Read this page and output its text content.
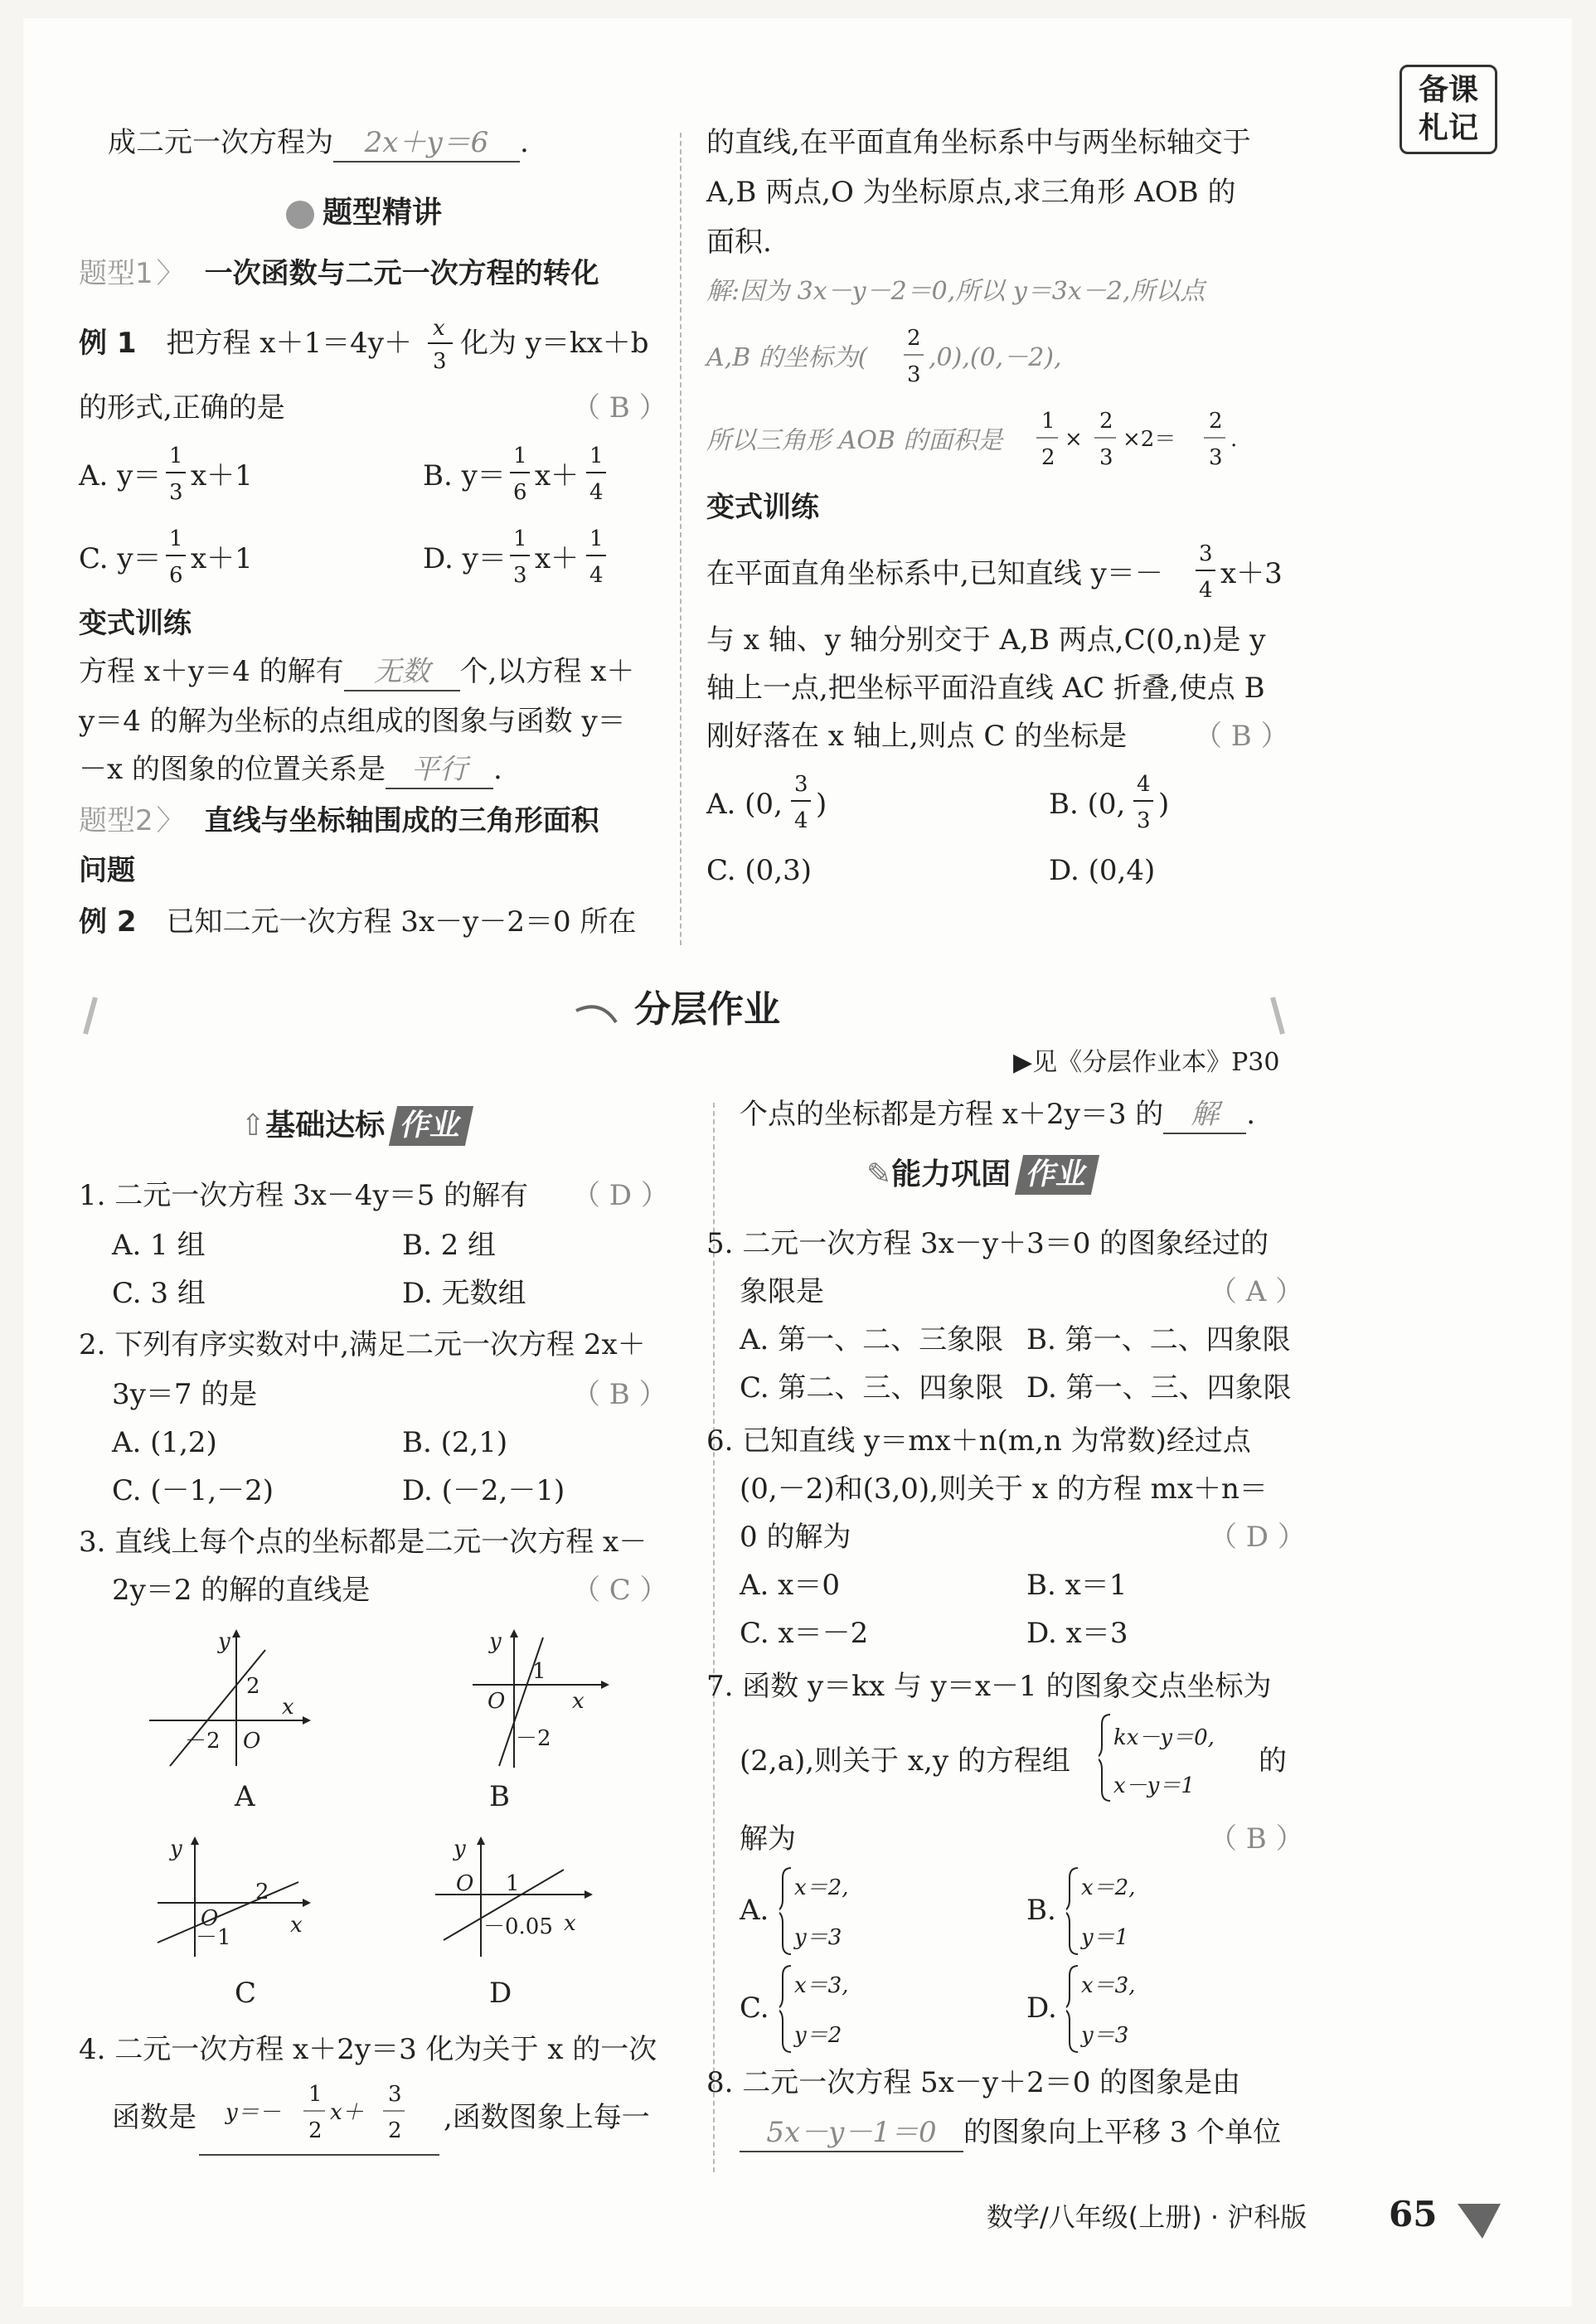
备课
札记
成二元一次方程为 2x＋y＝6 .
题型精讲
题型1 〉 一次函数与二元一次方程的转化
例 1 把方程 x＋1＝4y＋ x
3
化为 y＝kx＋b
的形式,正确的是	（ B ）
A. y＝
1
3 x＋1	B. y＝
1
6 x＋
1
4
C. y＝
1
6 x＋1	D. y＝
1
3 x＋
1
4
变式训练
方程 x＋y＝4 的解有 无数 个,以方程 x＋
y＝4 的解为坐标的点组成的图象与函数 y＝
－x 的图象的位置关系是 平行 .
题型2 〉 直线与坐标轴围成的三角形面积
问题
例 2 已知二元一次方程 3x－y－2＝0 所在
的直线,在平面直角坐标系中与两坐标轴交于
A,B 两点,O 为坐标原点,求三角形 AOB 的
面积.
解:因为 3x－y－2＝0,所以 y＝3x－2,所以点
A,B 的坐标为(
2
3
,0),(0,－2),
所以三角形 AOB 的面积是
1
2
×
2
3
×2＝
2
3
.
变式训练
在平面直角坐标系中,已知直线 y＝－
3
4 x＋3
与 x 轴、y 轴分别交于 A,B 两点,C(0,n)是 y
轴上一点,把坐标平面沿直线 AC 折叠,使点 B
刚好落在 x 轴上,则点 C 的坐标是 （ B ）
A. (0,
3
4 )	B. (0,
4
3 )
C. (0,3)	D. (0,4)
分层作业
▶见《分层作业本》P30
⇧基础达标 作业
1. 二元一次方程 3x－4y＝5 的解有 （ D ）
A. 1 组	B. 2 组
C. 3 组	D. 无数组
2. 下列有序实数对中,满足二元一次方程 2x＋
3y＝7 的是	（ B ）
A. (1,2)	B. (2,1)
C. (－1,－2)	D. (－2,－1)
3. 直线上每个点的坐标都是二元一次方程 x－
2y＝2 的解的直线是	（ C ）
y
x
O
2
－2
A
y
x
O
1
－2
B
y
x
O
2
－1
C
y
x
O 1
－0.05
D
4. 二元一次方程 x＋2y＝3 化为关于 x 的一次
函数是 y＝－
1
2
x＋
3
2 ,函数图象上每一
个点的坐标都是方程 x＋2y＝3 的 解 .
✎能力巩固 作业
5. 二元一次方程 3x－y＋3＝0 的图象经过的
象限是	（ A ）
A. 第一、二、三象限 B. 第一、二、四象限
C. 第二、三、四象限 D. 第一、三、四象限
6. 已知直线 y＝mx＋n(m,n 为常数)经过点
(0,－2)和(3,0),则关于 x 的方程 mx＋n＝
0 的解为	（ D ）
A. x＝0	B. x＝1
C. x＝－2	D. x＝3
7. 函数 y＝kx 与 y＝x－1 的图象交点坐标为
(2,a),则关于 x,y 的方程组
kx－y＝0,
x－y＝1
的
解为	（ B ）
A.
x＝2,
y＝3
B.
x＝2,
y＝1
C.
x＝3,
y＝2
D.
x＝3,
y＝3
8. 二元一次方程 5x－y＋2＝0 的图象是由
5x－y－1＝0 的图象向上平移 3 个单位
数学/八年级(上册) · 沪科版 65
